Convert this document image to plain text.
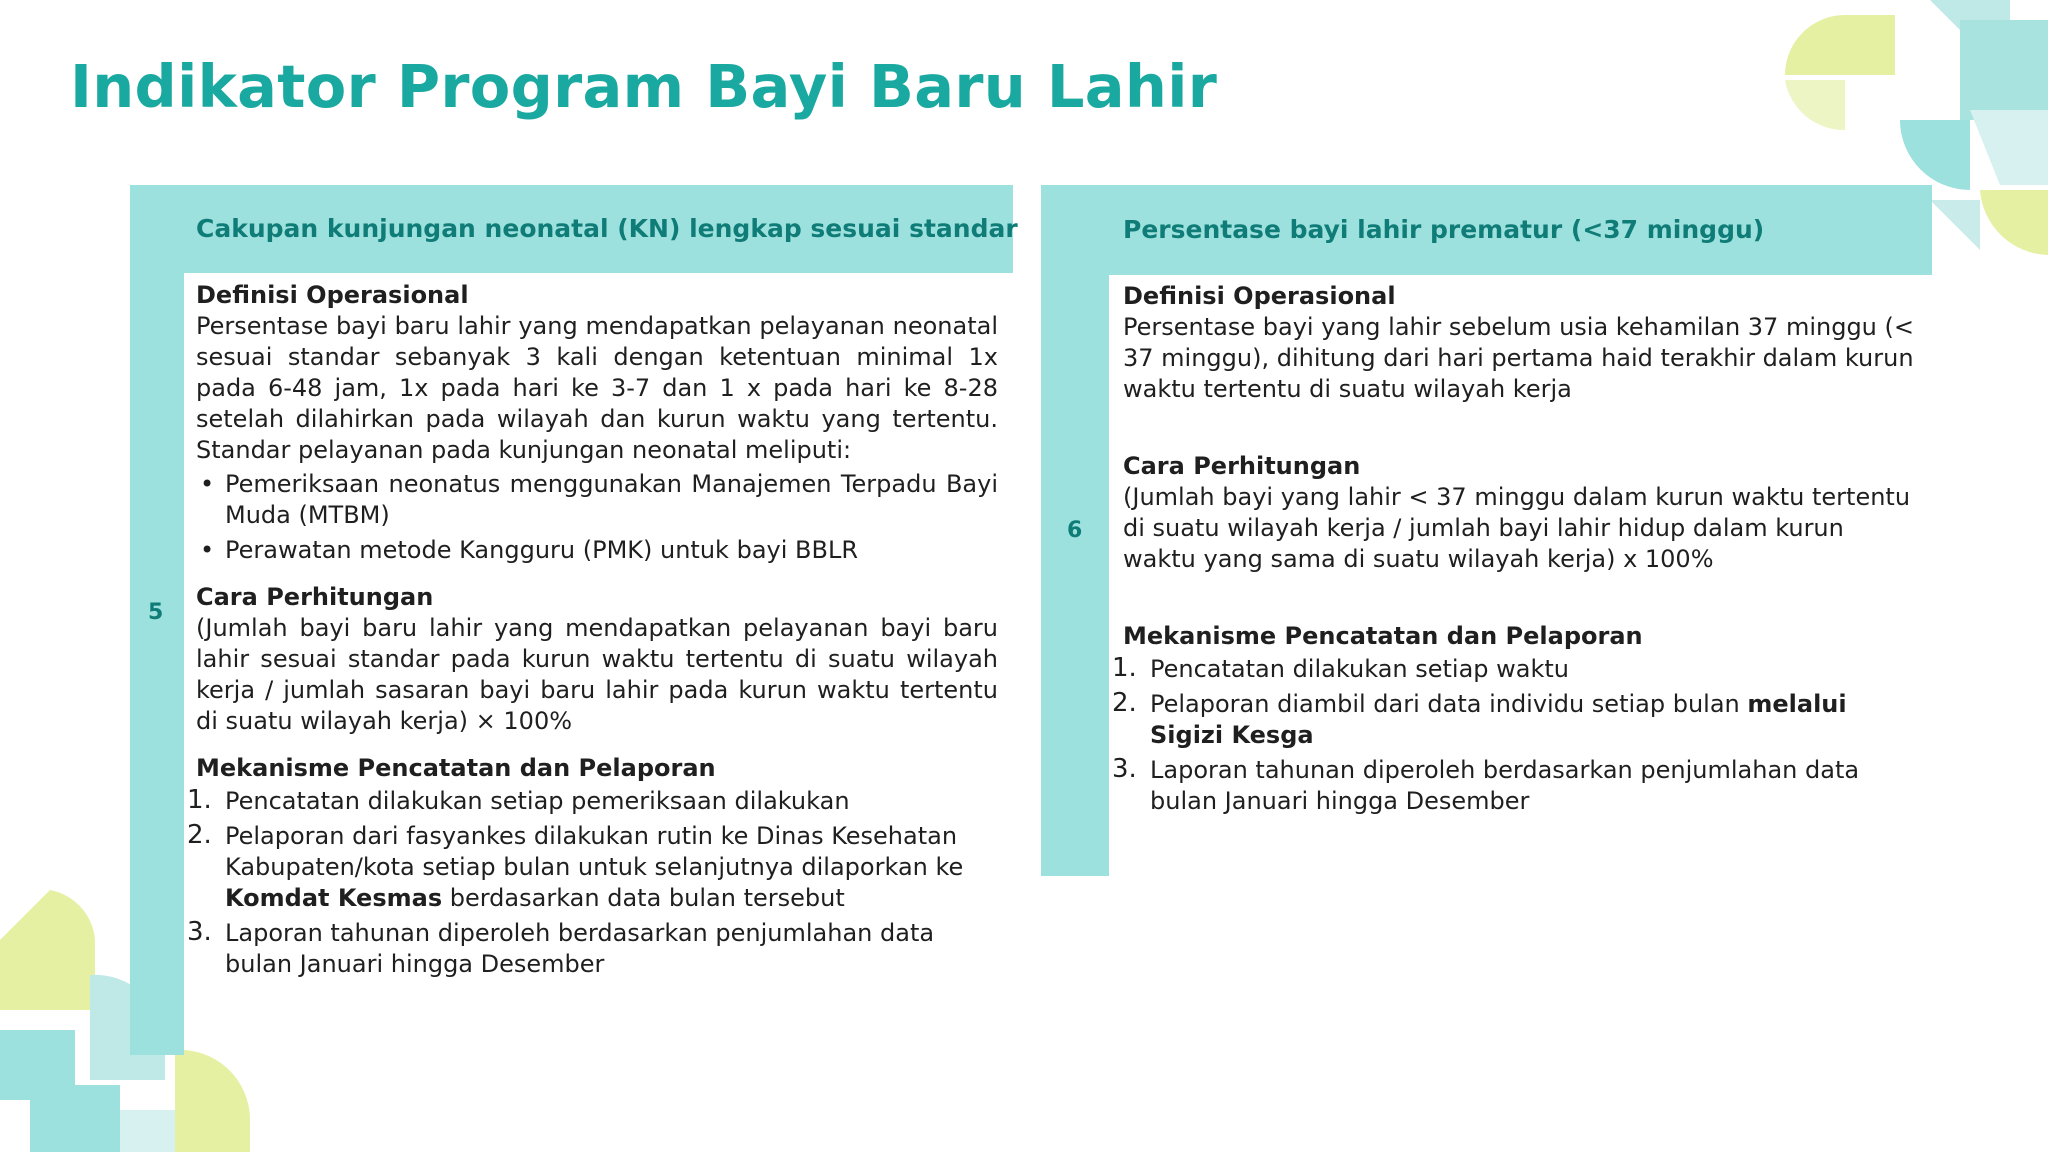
Indikator Program Bayi Baru Lahir
Cakupan kunjungan neonatal (KN) lengkap sesuai standar
5

Definisi Operasional

Persentase bayi baru lahir yang mendapatkan pelayanan neonatal sesuai standar sebanyak 3 kali dengan ketentuan minimal 1x pada 6-48 jam, 1x pada hari ke 3-7 dan 1 x pada hari ke 8-28 setelah dilahirkan pada wilayah dan kurun waktu yang tertentu. Standar pelayanan pada kunjungan neonatal meliputi:

• Pemeriksaan neonatus menggunakan Manajemen Terpadu Bayi Muda (MTBM)
• Perawatan metode Kangguru (PMK) untuk bayi BBLR

Cara Perhitungan

(Jumlah bayi baru lahir yang mendapatkan pelayanan bayi baru lahir sesuai standar pada kurun waktu tertentu di suatu wilayah kerja / jumlah sasaran bayi baru lahir pada kurun waktu tertentu di suatu wilayah kerja) × 100%

Mekanisme Pencatatan dan Pelaporan

1. Pencatatan dilakukan setiap pemeriksaan dilakukan
2. Pelaporan dari fasyankes dilakukan rutin ke Dinas Kesehatan Kabupaten/kota setiap bulan untuk selanjutnya dilaporkan ke Komdat Kesmas berdasarkan data bulan tersebut
3. Laporan tahunan diperoleh berdasarkan penjumlahan data bulan Januari hingga Desember
Persentase bayi lahir prematur (<37 minggu)
6

Definisi Operasional

Persentase bayi yang lahir sebelum usia kehamilan 37 minggu (< 37 minggu), dihitung dari hari pertama haid terakhir dalam kurun waktu tertentu di suatu wilayah kerja

Cara Perhitungan

(Jumlah bayi yang lahir < 37 minggu dalam kurun waktu tertentu di suatu wilayah kerja / jumlah bayi lahir hidup dalam kurun waktu yang sama di suatu wilayah kerja) x 100%

Mekanisme Pencatatan dan Pelaporan

1. Pencatatan dilakukan setiap waktu
2. Pelaporan diambil dari data individu setiap bulan melalui Sigizi Kesga
3. Laporan tahunan diperoleh berdasarkan penjumlahan data bulan Januari hingga Desember
